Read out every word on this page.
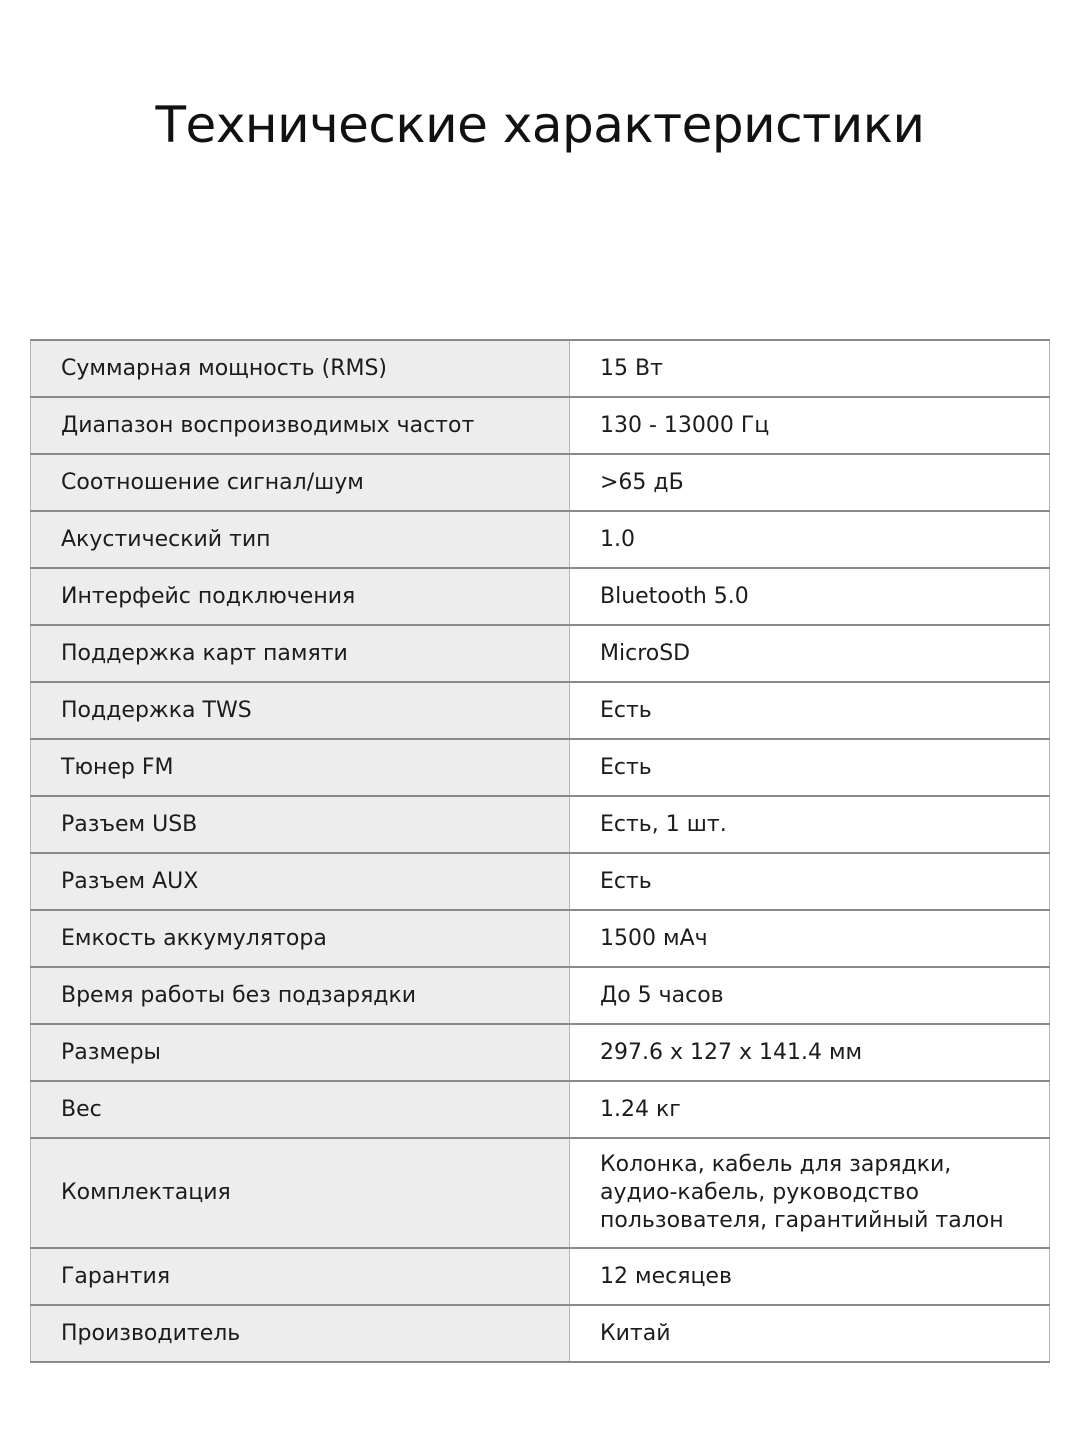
Технические характеристики
Суммарная мощность (RMS)	15 Вт
Диапазон воспроизводимых частот	130 - 13000 Гц
Соотношение сигнал/шум	>65 дБ
Акустический тип	1.0
Интерфейс подключения	Bluetooth 5.0
Поддержка карт памяти	MicroSD
Поддержка TWS	Есть
Тюнер FM	Есть
Разъем USB	Есть, 1 шт.
Разъем AUX	Есть
Емкость аккумулятора	1500 мАч
Время работы без подзарядки	До 5 часов
Размеры	297.6 x 127 x 141.4 мм
Вес	1.24 кг
Комплектация	Колонка, кабель для зарядки,
аудио-кабель, руководство
пользователя, гарантийный талон
Гарантия	12 месяцев
Производитель	Китай
